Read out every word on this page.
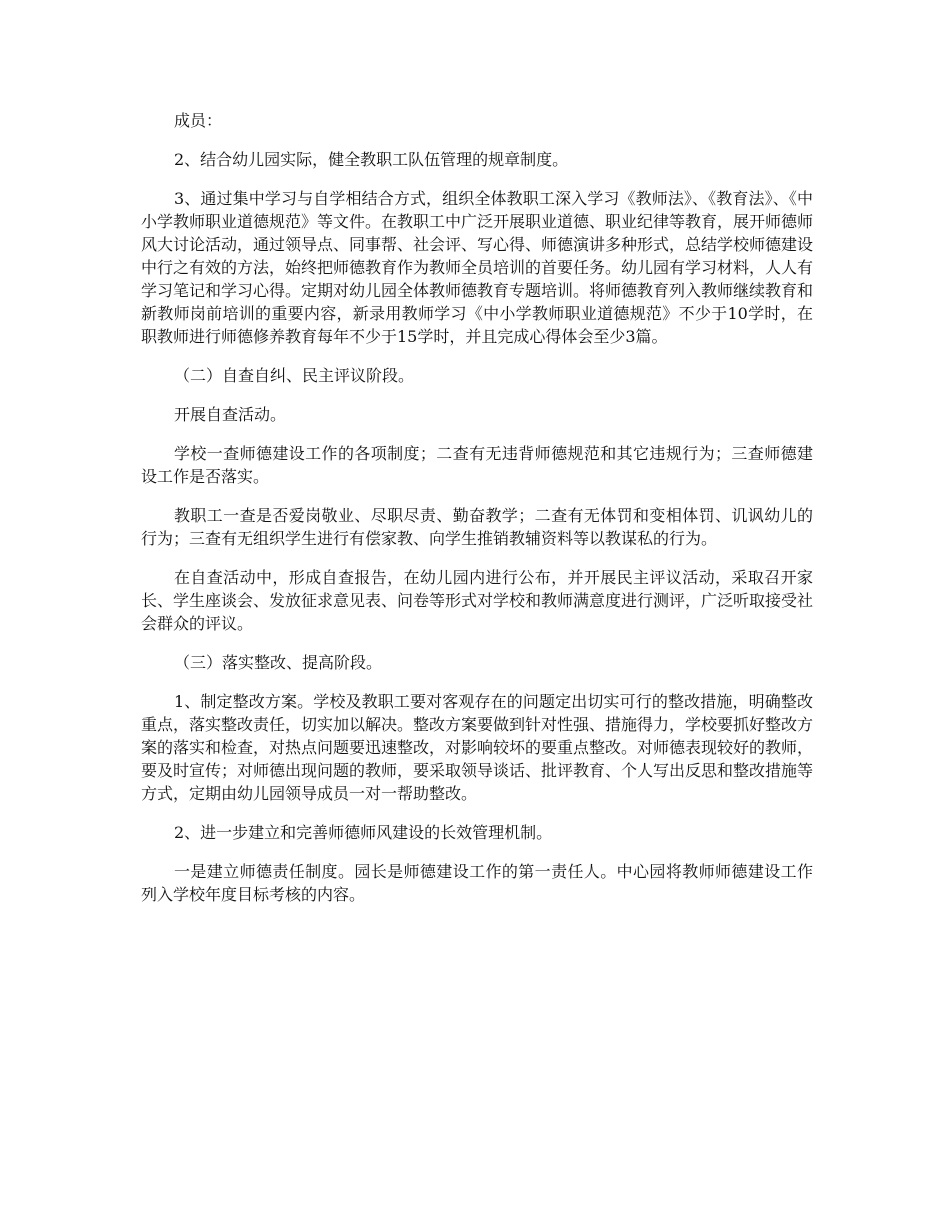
成员：

2、结合幼儿园实际，健全教职工队伍管理的规章制度。

3、通过集中学习与自学相结合方式，组织全体教职工深入学习《教师法》、《教育法》、《中小学教师职业道德规范》等文件。在教职工中广泛开展职业道德、职业纪律等教育，展开师德师风大讨论活动，通过领导点、同事帮、社会评、写心得、师德演讲多种形式，总结学校师德建设中行之有效的方法，始终把师德教育作为教师全员培训的首要任务。幼儿园有学习材料，人人有学习笔记和学习心得。定期对幼儿园全体教师德教育专题培训。将师德教育列入教师继续教育和新教师岗前培训的重要内容，新录用教师学习《中小学教师职业道德规范》不少于10学时，在职教师进行师德修养教育每年不少于15学时，并且完成心得体会至少3篇。

（二）自查自纠、民主评议阶段。

开展自查活动。

学校一查师德建设工作的各项制度；二查有无违背师德规范和其它违规行为；三查师德建设工作是否落实。

教职工一查是否爱岗敬业、尽职尽责、勤奋教学；二查有无体罚和变相体罚、讥讽幼儿的行为；三查有无组织学生进行有偿家教、向学生推销教辅资料等以教谋私的行为。

在自查活动中，形成自查报告，在幼儿园内进行公布，并开展民主评议活动，采取召开家长、学生座谈会、发放征求意见表、问卷等形式对学校和教师满意度进行测评，广泛听取接受社会群众的评议。

（三）落实整改、提高阶段。

1、制定整改方案。学校及教职工要对客观存在的问题定出切实可行的整改措施，明确整改重点，落实整改责任，切实加以解决。整改方案要做到针对性强、措施得力，学校要抓好整改方案的落实和检查，对热点问题要迅速整改，对影响较坏的要重点整改。对师德表现较好的教师，要及时宣传；对师德出现问题的教师，要采取领导谈话、批评教育、个人写出反思和整改措施等方式，定期由幼儿园领导成员一对一帮助整改。

2、进一步建立和完善师德师风建设的长效管理机制。

一是建立师德责任制度。园长是师德建设工作的第一责任人。中心园将教师师德建设工作列入学校年度目标考核的内容。
